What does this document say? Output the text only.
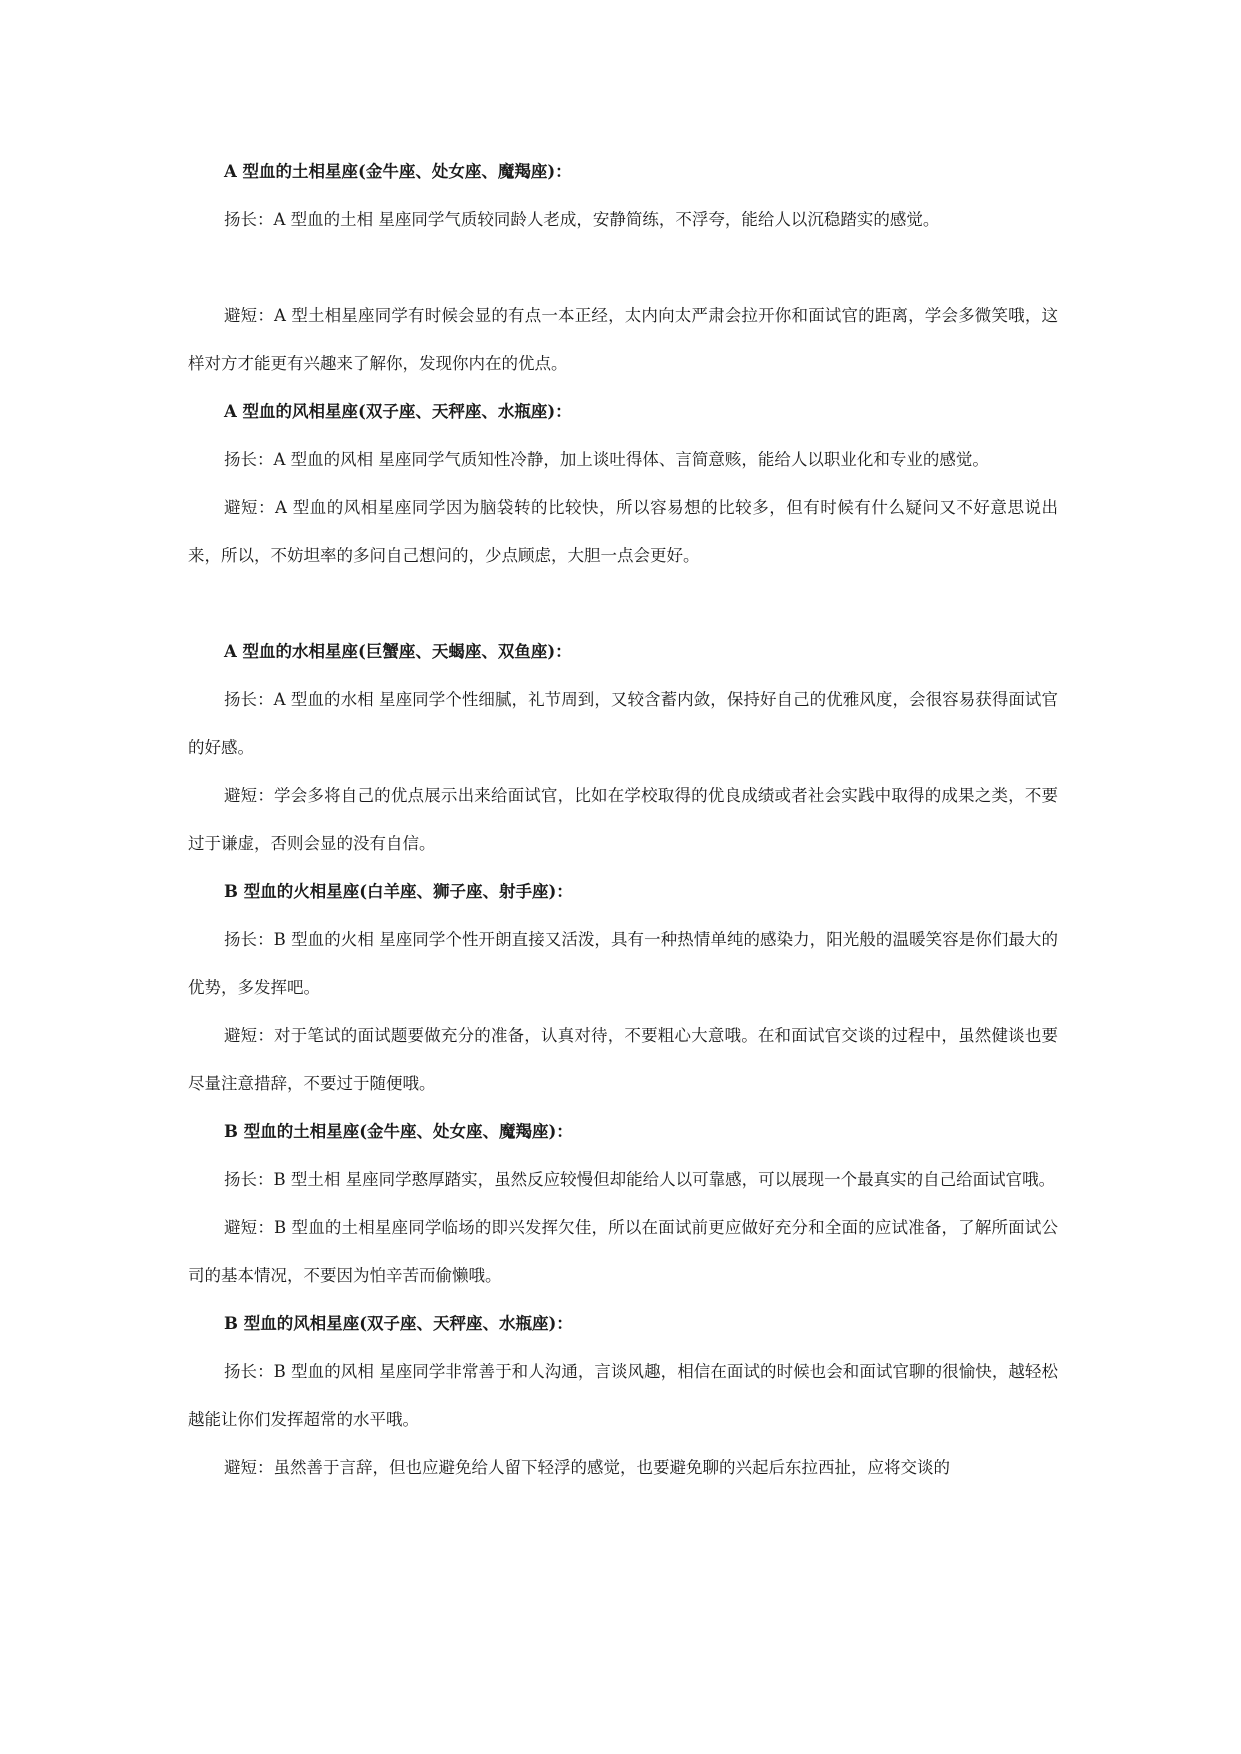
A 型血的土相星座(金牛座、处女座、魔羯座)：

扬长：A 型血的土相 星座同学气质较同龄人老成，安静简练，不浮夸，能给人以沉稳踏实的感觉。

避短：A 型土相星座同学有时候会显的有点一本正经，太内向太严肃会拉开你和面试官的距离，学会多微笑哦，这样对方才能更有兴趣来了解你，发现你内在的优点。

A 型血的风相星座(双子座、天秤座、水瓶座)：

扬长：A 型血的风相 星座同学气质知性冷静，加上谈吐得体、言简意赅，能给人以职业化和专业的感觉。

避短：A 型血的风相星座同学因为脑袋转的比较快，所以容易想的比较多，但有时候有什么疑问又不好意思说出来，所以，不妨坦率的多问自己想问的，少点顾虑，大胆一点会更好。

A 型血的水相星座(巨蟹座、天蝎座、双鱼座)：

扬长：A 型血的水相 星座同学个性细腻，礼节周到，又较含蓄内敛，保持好自己的优雅风度，会很容易获得面试官的好感。

避短：学会多将自己的优点展示出来给面试官，比如在学校取得的优良成绩或者社会实践中取得的成果之类，不要过于谦虚，否则会显的没有自信。

B 型血的火相星座(白羊座、狮子座、射手座)：

扬长：B 型血的火相 星座同学个性开朗直接又活泼，具有一种热情单纯的感染力，阳光般的温暖笑容是你们最大的优势，多发挥吧。

避短：对于笔试的面试题要做充分的准备，认真对待，不要粗心大意哦。在和面试官交谈的过程中，虽然健谈也要尽量注意措辞，不要过于随便哦。

B 型血的土相星座(金牛座、处女座、魔羯座)：

扬长：B 型土相 星座同学憨厚踏实，虽然反应较慢但却能给人以可靠感，可以展现一个最真实的自己给面试官哦。

避短：B 型血的土相星座同学临场的即兴发挥欠佳，所以在面试前更应做好充分和全面的应试准备，了解所面试公司的基本情况，不要因为怕辛苦而偷懒哦。

B 型血的风相星座(双子座、天秤座、水瓶座)：

扬长：B 型血的风相 星座同学非常善于和人沟通，言谈风趣，相信在面试的时候也会和面试官聊的很愉快，越轻松越能让你们发挥超常的水平哦。

避短：虽然善于言辞，但也应避免给人留下轻浮的感觉，也要避免聊的兴起后东拉西扯，应将交谈的
